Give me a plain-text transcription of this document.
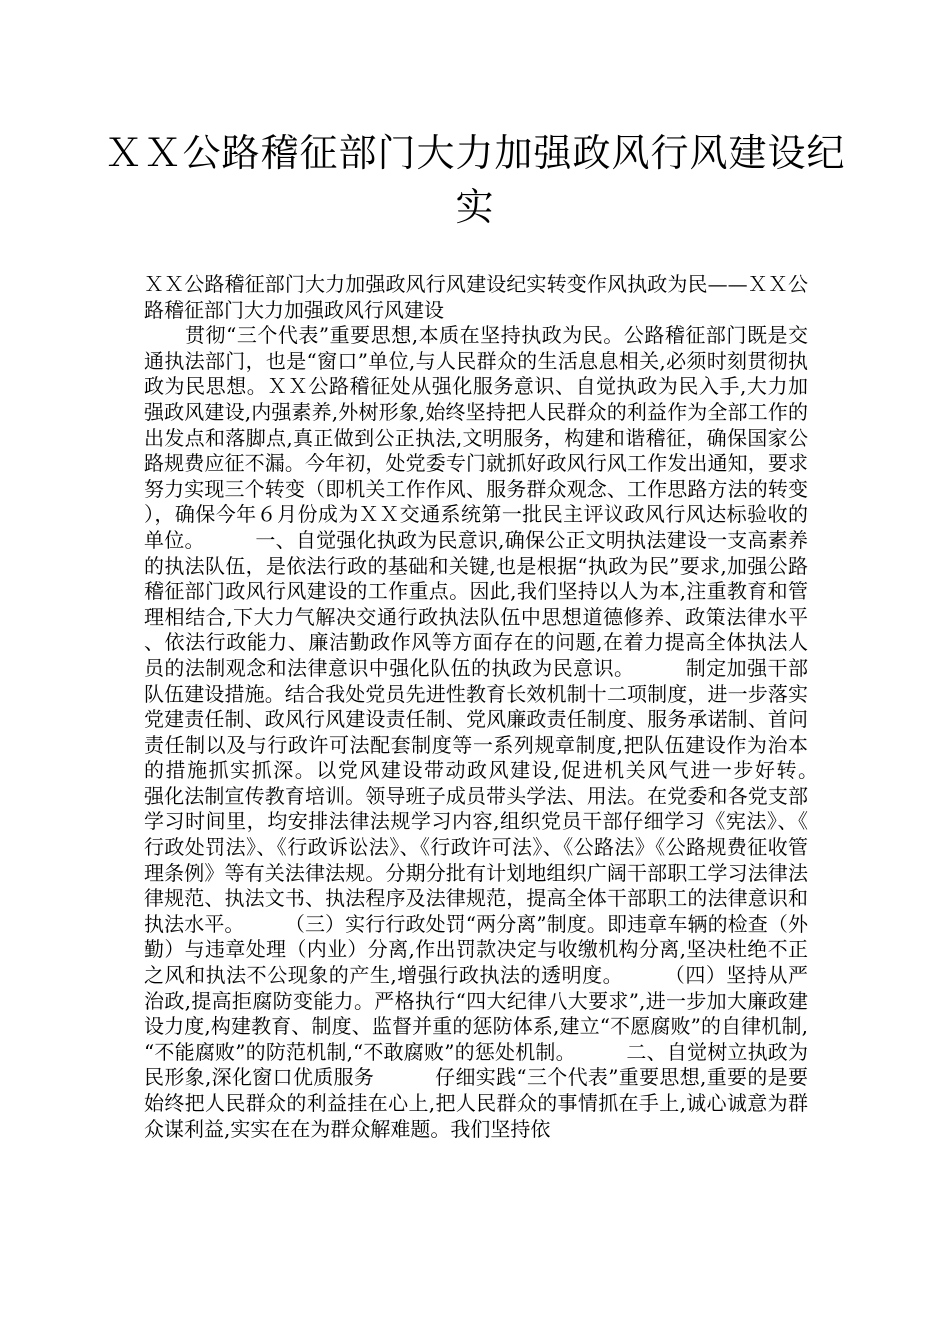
ＸＸ公路稽征部门大力加强政风行风建设纪实

ＸＸ公路稽征部门大力加强政风行风建设纪实转变作风执政为民——ＸＸ公路稽征部门大力加强政风行风建设
　　贯彻“三个代表”重要思想,本质在坚持执政为民。公路稽征部门既是交通执法部门，也是“窗口”单位,与人民群众的生活息息相关,必须时刻贯彻执政为民思想。ＸＸ公路稽征处从强化服务意识、自觉执政为民入手,大力加强政风建设,内强素养,外树形象,始终坚持把人民群众的利益作为全部工作的出发点和落脚点,真正做到公正执法,文明服务，构建和谐稽征，确保国家公路规费应征不漏。今年初，处党委专门就抓好政风行风工作发出通知，要求努力实现三个转变（即机关工作作风、服务群众观念、工作思路方法的转变），确保今年６月份成为ＸＸ交通系统第一批民主评议政风行风达标验收的单位。　　　一、自觉强化执政为民意识,确保公正文明执法建设一支高素养的执法队伍，是依法行政的基础和关键,也是根据“执政为民”要求,加强公路稽征部门政风行风建设的工作重点。因此,我们坚持以人为本,注重教育和管理相结合,下大力气解决交通行政执法队伍中思想道德修养、政策法律水平、依法行政能力、廉洁勤政作风等方面存在的问题,在着力提高全体执法人员的法制观念和法律意识中强化队伍的执政为民意识。　　　制定加强干部队伍建设措施。结合我处党员先进性教育长效机制十二项制度，进一步落实党建责任制、政风行风建设责任制、党风廉政责任制度、服务承诺制、首问责任制以及与行政许可法配套制度等一系列规章制度,把队伍建设作为治本的措施抓实抓深。以党风建设带动政风建设,促进机关风气进一步好转。　　　强化法制宣传教育培训。领导班子成员带头学法、用法。在党委和各党支部学习时间里，均安排法律法规学习内容,组织党员干部仔细学习《宪法》、《行政处罚法》、《行政诉讼法》、《行政许可法》、《公路法》《公路规费征收管理条例》等有关法律法规。分期分批有计划地组织广阔干部职工学习法律法律规范、执法文书、执法程序及法律规范，提高全体干部职工的法律意识和执法水平。　　　（三）实行行政处罚“两分离”制度。即违章车辆的检查（外勤）与违章处理（内业）分离,作出罚款决定与收缴机构分离,坚决杜绝不正之风和执法不公现象的产生,增强行政执法的透明度。　　　（四）坚持从严治政,提高拒腐防变能力。严格执行“四大纪律八大要求”,进一步加大廉政建设力度,构建教育、制度、监督并重的惩防体系,建立“不愿腐败”的自律机制,“不能腐败”的防范机制,“不敢腐败”的惩处机制。　　　二、自觉树立执政为民形象,深化窗口优质服务　　　仔细实践“三个代表”重要思想,重要的是要始终把人民群众的利益挂在心上,把人民群众的事情抓在手上,诚心诚意为群众谋利益,实实在在为群众解难题。我们坚持依
